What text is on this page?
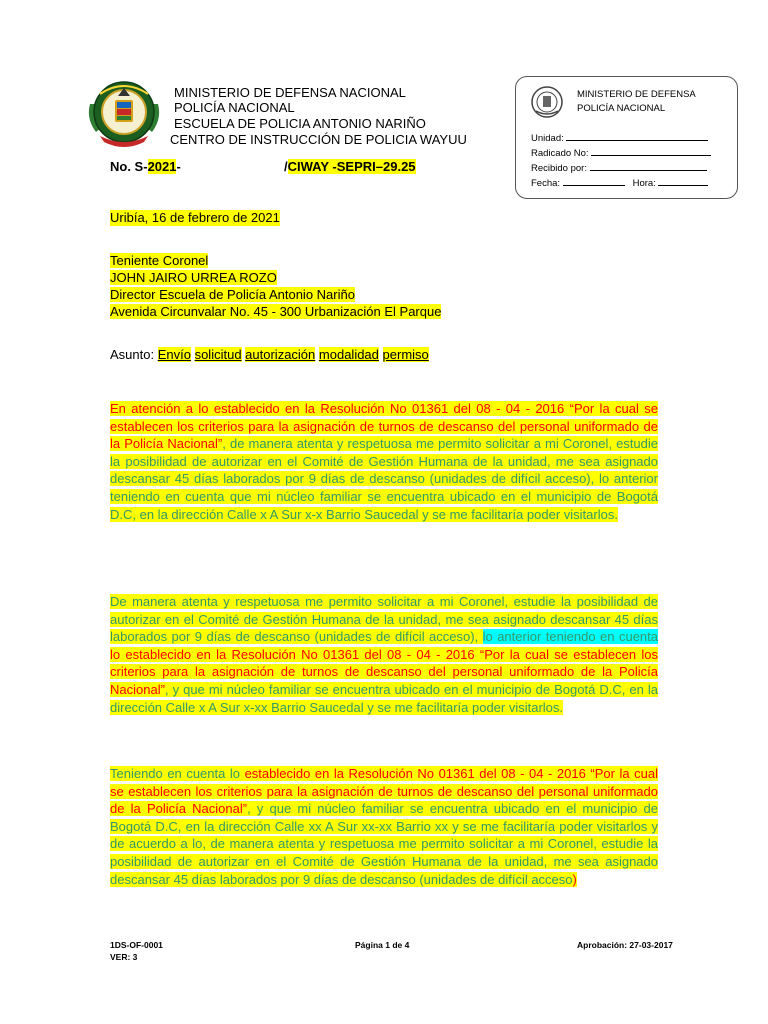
MINISTERIO DE DEFENSA NACIONAL
POLICÍA NACIONAL
ESCUELA DE POLICIA ANTONIO NARIÑO
CENTRO DE INSTRUCCIÓN DE POLICIA WAYUU
No. S-2021-	/CIWAY -SEPRI–29.25
MINISTERIO DE DEFENSA
POLICÍA NACIONAL
Unidad:
Radicado No:
Recibido por:
Fecha:	Hora:
Uribía, 16 de febrero de 2021
Teniente Coronel
JOHN JAIRO URREA ROZO
Director Escuela de Policía Antonio Nariño
Avenida Circunvalar No. 45 - 300 Urbanización El Parque
Asunto: Envío solicitud autorización modalidad permiso
En atención a lo establecido en la Resolución No 01361 del 08 - 04 - 2016 “Por la cual se establecen los criterios para la asignación de turnos de descanso del personal uniformado de la Policía Nacional”, de manera atenta y respetuosa me permito solicitar a mi Coronel, estudie la posibilidad de autorizar en el Comité de Gestión Humana de la unidad, me sea asignado descansar 45 días laborados por 9 días de descanso (unidades de difícil acceso), lo anterior teniendo en cuenta que mi núcleo familiar se encuentra ubicado en el municipio de Bogotá D.C, en la dirección Calle x A Sur x-x Barrio Saucedal y se me facilitaría poder visitarlos.
De manera atenta y respetuosa me permito solicitar a mi Coronel, estudie la posibilidad de autorizar en el Comité de Gestión Humana de la unidad, me sea asignado descansar 45 días laborados por 9 días de descanso (unidades de difícil acceso), lo anterior teniendo en cuenta lo establecido en la Resolución No 01361 del 08 - 04 - 2016 “Por la cual se establecen los criterios para la asignación de turnos de descanso del personal uniformado de la Policía Nacional”, y que mi núcleo familiar se encuentra ubicado en el municipio de Bogotá D.C, en la dirección Calle x A Sur x-xx Barrio Saucedal y se me facilitaría poder visitarlos.
Teniendo en cuenta lo establecido en la Resolución No 01361 del 08 - 04 - 2016 “Por la cual se establecen los criterios para la asignación de turnos de descanso del personal uniformado de la Policía Nacional”, y que mi núcleo familiar se encuentra ubicado en el municipio de Bogotá D.C, en la dirección Calle xx A Sur xx-xx Barrio xx y se me facilitaría poder visitarlos y de acuerdo a lo, de manera atenta y respetuosa me permito solicitar a mi Coronel, estudie la posibilidad de autorizar en el Comité de Gestión Humana de la unidad, me sea asignado descansar 45 días laborados por 9 días de descanso (unidades de difícil acceso)
1DS-OF-0001
VER: 3
Página 1 de 4	Aprobación: 27-03-2017
